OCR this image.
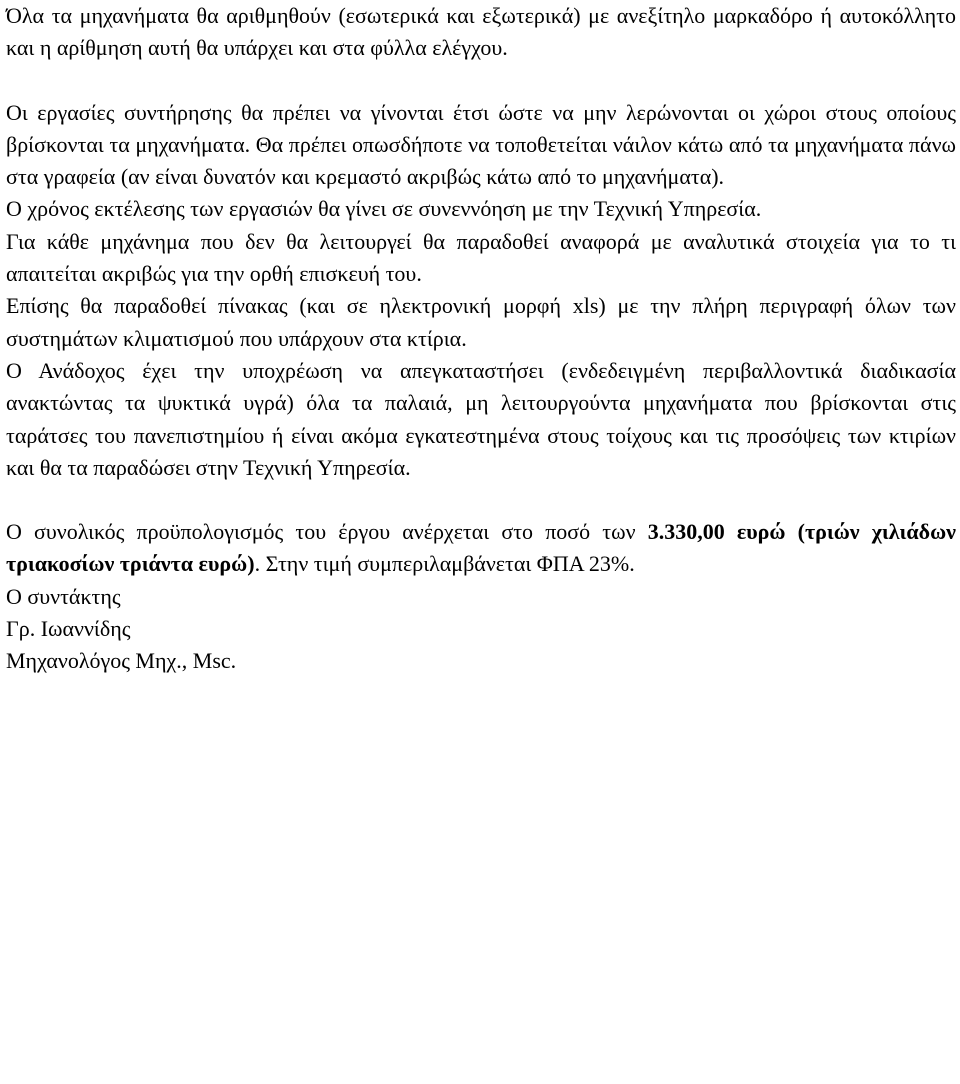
Όλα τα μηχανήματα θα αριθμηθούν (εσωτερικά και εξωτερικά) με ανεξίτηλο μαρκαδόρο ή αυτοκόλλητο και η αρίθμηση αυτή θα υπάρχει και στα φύλλα ελέγχου.

Οι εργασίες συντήρησης θα πρέπει να γίνονται έτσι ώστε να μην λερώνονται οι χώροι στους οποίους βρίσκονται τα μηχανήματα. Θα πρέπει οπωσδήποτε να τοποθετείται νάιλον κάτω από τα μηχανήματα πάνω στα γραφεία (αν είναι δυνατόν και κρεμαστό ακριβώς κάτω από το μηχανήματα).

Ο χρόνος εκτέλεσης των εργασιών θα γίνει σε συνεννόηση με την Τεχνική Υπηρεσία.

Για κάθε μηχάνημα που δεν θα λειτουργεί θα παραδοθεί αναφορά με αναλυτικά στοιχεία για το τι απαιτείται ακριβώς για την ορθή επισκευή του.

Επίσης θα παραδοθεί πίνακας (και σε ηλεκτρονική μορφή xls) με την πλήρη περιγραφή όλων των συστημάτων κλιματισμού που υπάρχουν στα κτίρια.

Ο Ανάδοχος έχει την υποχρέωση να απεγκαταστήσει (ενδεδειγμένη περιβαλλοντικά διαδικασία ανακτώντας τα ψυκτικά υγρά) όλα τα παλαιά, μη λειτουργούντα μηχανήματα που βρίσκονται στις ταράτσες του πανεπιστημίου ή είναι ακόμα εγκατεστημένα στους τοίχους και τις προσόψεις των κτιρίων και θα τα παραδώσει στην Τεχνική Υπηρεσία.

Ο συνολικός προϋπολογισμός του έργου ανέρχεται στο ποσό των 3.330,00 ευρώ (τριών χιλιάδων τριακοσίων τριάντα ευρώ). Στην τιμή συμπεριλαμβάνεται ΦΠΑ 23%.

Ο συντάκτης

Γρ. Ιωαννίδης

Μηχανολόγος Μηχ., Msc.
